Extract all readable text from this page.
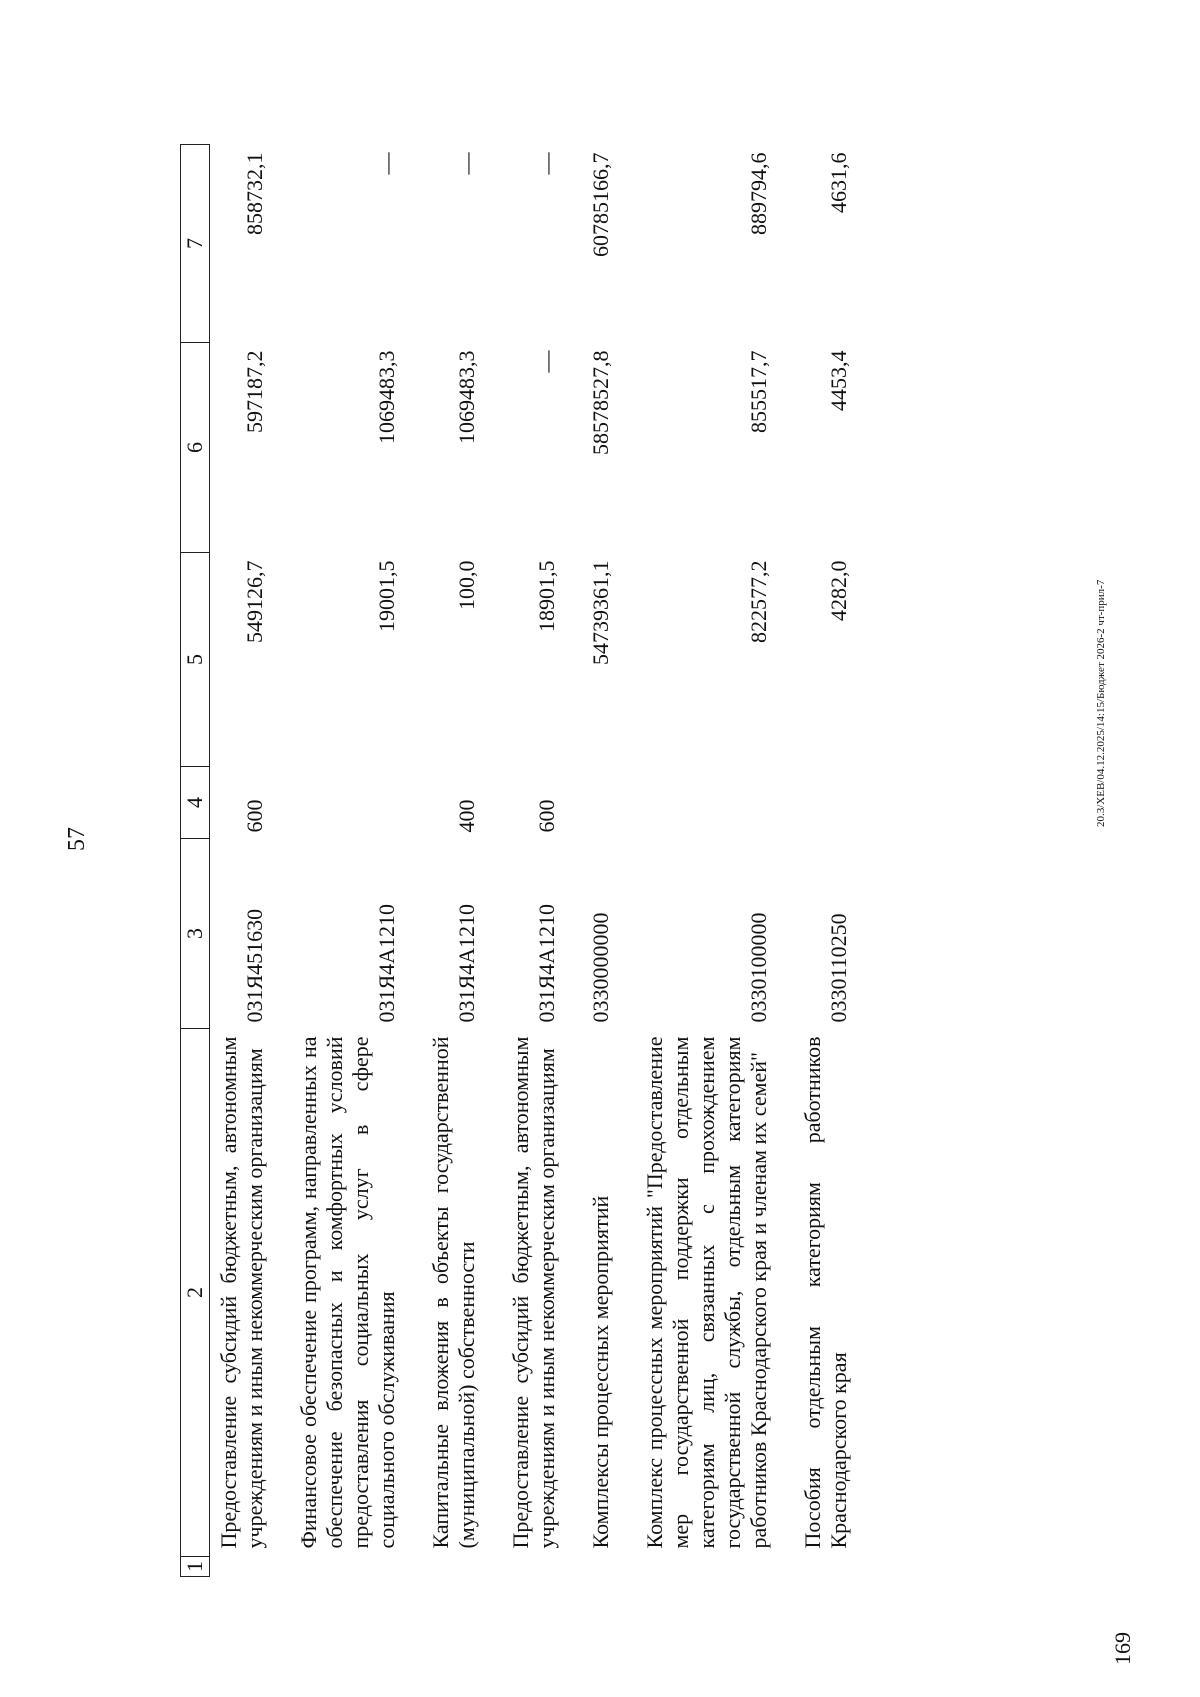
57
1	2	3	4	5	6	7
	Предоставление субсидий бюджетным, автономным учреждениям и иным некоммерческим организациям	031Я451630	600	549126,7	597187,2	858732,1
	Финансовое обеспечение программ, направленных на обеспечение безопасных и комфортных условий предоставления социальных услуг в сфере социального обслуживания	031Я4А1210		19001,5	1069483,3	—
	Капитальные вложения в объекты государственной (муниципальной) собственности	031Я4А1210	400	100,0	1069483,3	—
	Предоставление субсидий бюджетным, автономным учреждениям и иным некоммерческим организациям	031Я4А1210	600	18901,5	—	—
	Комплексы процессных мероприятий	0330000000		54739361,1	58578527,8	60785166,7
	Комплекс процессных мероприятий "Предоставление мер государственной поддержки отдельным категориям лиц, связанных с прохождением государственной службы, отдельным категориям работников Краснодарского края и членам их семей"	0330100000		822577,2	855517,7	889794,6
	Пособия отдельным категориям работников Краснодарского края	0330110250		4282,0	4453,4	4631,6
20.3/ХЕВ/04.12.2025/14:15/Бюджет 2026-2 чт-прил-7
169
